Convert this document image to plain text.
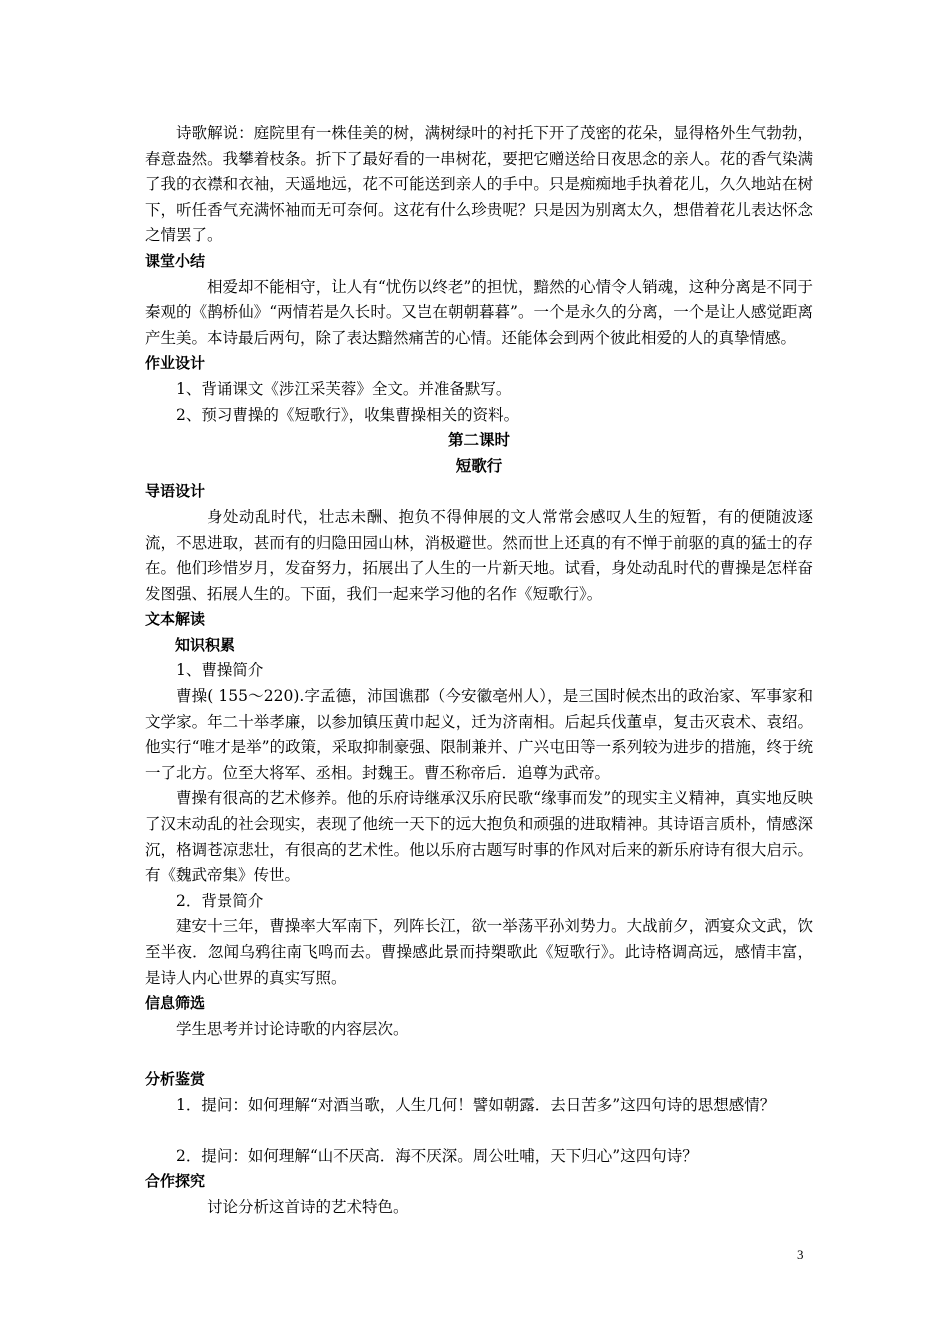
诗歌解说：庭院里有一株佳美的树，满树绿叶的衬托下开了茂密的花朵，显得格外生气勃勃，春意盎然。我攀着枝条。折下了最好看的一串树花，要把它赠送给日夜思念的亲人。花的香气染满了我的衣襟和衣袖，天遥地远，花不可能送到亲人的手中。只是痴痴地手执着花儿，久久地站在树下，听任香气充满怀袖而无可奈何。这花有什么珍贵呢？只是因为别离太久，想借着花儿表达怀念之情罢了。

课堂小结

相爱却不能相守，让人有“忧伤以终老”的担忧，黯然的心情令人销魂，这种分离是不同于秦观的《鹊桥仙》“两情若是久长时。又岂在朝朝暮暮”。一个是永久的分离，一个是让人感觉距离产生美。本诗最后两句，除了表达黯然痛苦的心情。还能体会到两个彼此相爱的人的真挚情感。

作业设计

1、背诵课文《涉江采芙蓉》全文。并准备默写。

2、预习曹操的《短歌行》，收集曹操相关的资料。

第二课时

短歌行

导语设计

身处动乱时代，壮志未酬、抱负不得伸展的文人常常会感叹人生的短暂，有的便随波逐流，不思进取，甚而有的归隐田园山林，消极避世。然而世上还真的有不惮于前驱的真的猛士的存在。他们珍惜岁月，发奋努力，拓展出了人生的一片新天地。试看，身处动乱时代的曹操是怎样奋发图强、拓展人生的。下面，我们一起来学习他的名作《短歌行》。

文本解读

知识积累

1、曹操简介

曹操( 155～220).字孟德，沛国谯郡（今安徽亳州人），是三国时候杰出的政治家、军事家和文学家。年二十举孝廉，以参加镇压黄巾起义，迁为济南相。后起兵伐董卓，复击灭袁术、袁绍。他实行“唯才是举”的政策，采取抑制豪强、限制兼并、广兴屯田等一系列较为进步的措施，终于统一了北方。位至大将军、丞相。封魏王。曹丕称帝后．追尊为武帝。

曹操有很高的艺术修养。他的乐府诗继承汉乐府民歌“缘事而发”的现实主义精神，真实地反映了汉末动乱的社会现实，表现了他统一天下的远大抱负和顽强的进取精神。其诗语言质朴，情感深沉，格调苍凉悲壮，有很高的艺术性。他以乐府古题写时事的作风对后来的新乐府诗有很大启示。有《魏武帝集》传世。

2．背景简介

建安十三年，曹操率大军南下，列阵长江，欲一举荡平孙刘势力。大战前夕，洒宴众文武，饮至半夜．忽闻乌鸦往南飞鸣而去。曹操感此景而持槊歌此《短歌行》。此诗格调高远，感情丰富，是诗人内心世界的真实写照。

信息筛选

学生思考并讨论诗歌的内容层次。

分析鉴赏

1．提问：如何理解“对酒当歌，人生几何！譬如朝露．去日苦多”这四句诗的思想感情？

2．提问：如何理解“山不厌高．海不厌深。周公吐哺，天下归心”这四句诗？

合作探究

讨论分析这首诗的艺术特色。

3
